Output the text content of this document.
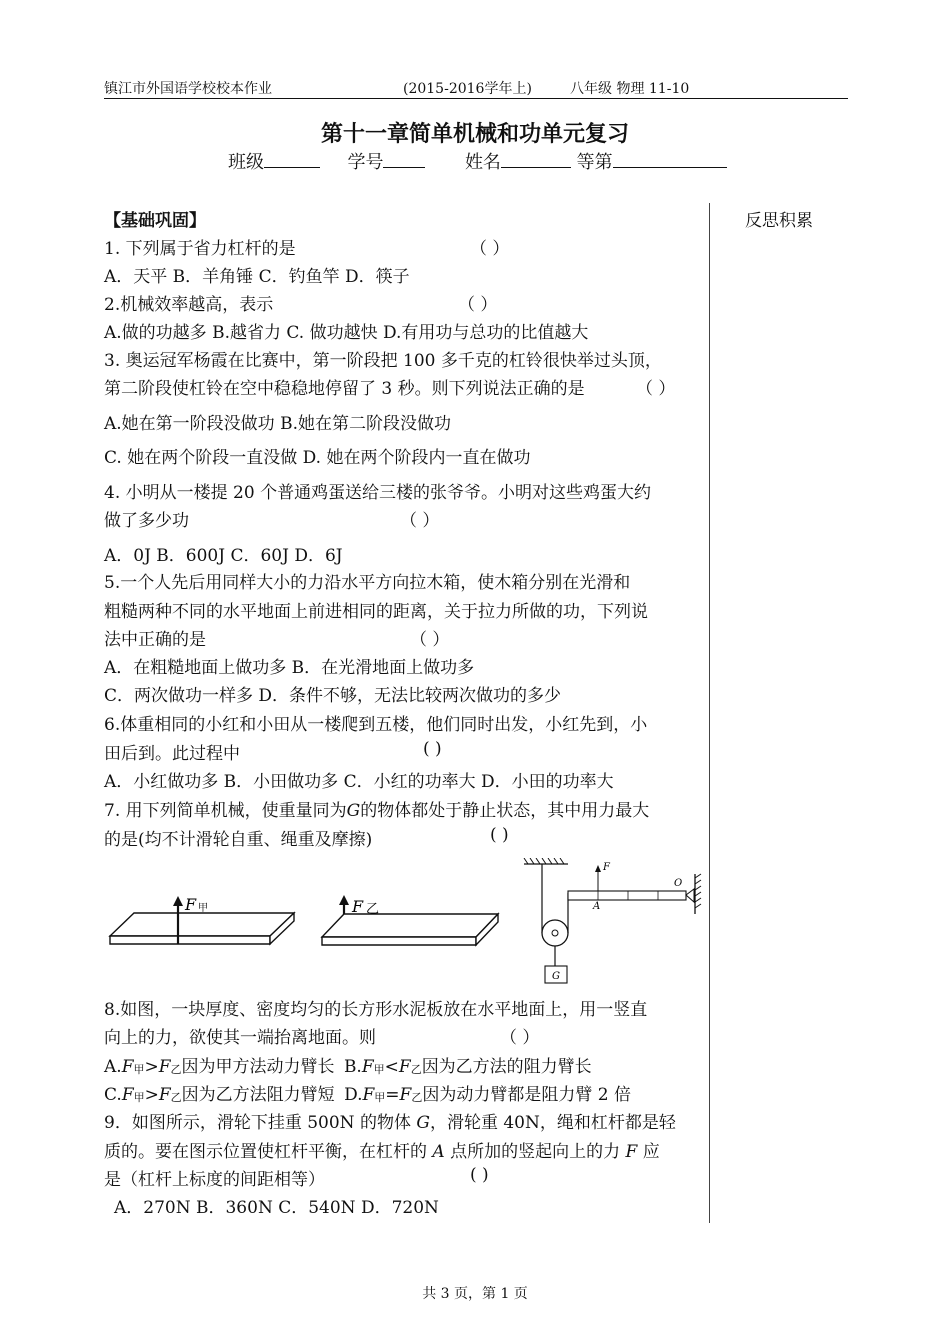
镇江市外国语学校校本作业	(2015-2016学年上)	八年级 物理 11-10
第十一章简单机械和功单元复习
班级	学号	姓名	等第
反思积累
【基础巩固】
1. 下列属于省力杠杆的是	（ ）
A．天平 B．羊角锤 C．钓鱼竿 D．筷子
2.机械效率越高，表示	（ ）
A.做的功越多 B.越省力 C. 做功越快 D.有用功与总功的比值越大
3. 奥运冠军杨霞在比赛中，第一阶段把 100 多千克的杠铃很快举过头顶，
第二阶段使杠铃在空中稳稳地停留了 3 秒。则下列说法正确的是	（ ）
A.她在第一阶段没做功 B.她在第二阶段没做功
C. 她在两个阶段一直没做 D. 她在两个阶段内一直在做功
4. 小明从一楼提 20 个普通鸡蛋送给三楼的张爷爷。小明对这些鸡蛋大约
做了多少功	（ ）
A．0J B．600J C．60J D．6J
5.一个人先后用同样大小的力沿水平方向拉木箱，使木箱分别在光滑和
粗糙两种不同的水平地面上前进相同的距离，关于拉力所做的功，下列说
法中正确的是	（ ）
A．在粗糙地面上做功多 B．在光滑地面上做功多
C．两次做功一样多 D．条件不够，无法比较两次做功的多少
6.体重相同的小红和小田从一楼爬到五楼，他们同时出发，小红先到，小
田后到。此过程中	( )
A．小红做功多 B．小田做功多 C．小红的功率大 D．小田的功率大
7. 用下列简单机械，使重量同为G的物体都处于静止状态，其中用力最大
的是(均不计滑轮自重、绳重及摩擦)	( )
F 甲	F 乙
F
A
O
G
8.如图，一块厚度、密度均匀的长方形水泥板放在水平地面上，用一竖直
向上的力，欲使其一端抬离地面。则	（ ）
A.F甲>F乙因为甲方法动力臂长 B.F甲<F乙因为乙方法的阻力臂长
C.F甲>F乙因为乙方法阻力臂短 D.F甲=F乙因为动力臂都是阻力臂 2 倍
9．如图所示，滑轮下挂重 500N 的物体 G，滑轮重 40N，绳和杠杆都是轻
质的。要在图示位置使杠杆平衡，在杠杆的 A 点所加的竖起向上的力 F 应
是（杠杆上标度的间距相等）	( )
A．270N B．360N C．540N D．720N
共 3 页，第 1 页
